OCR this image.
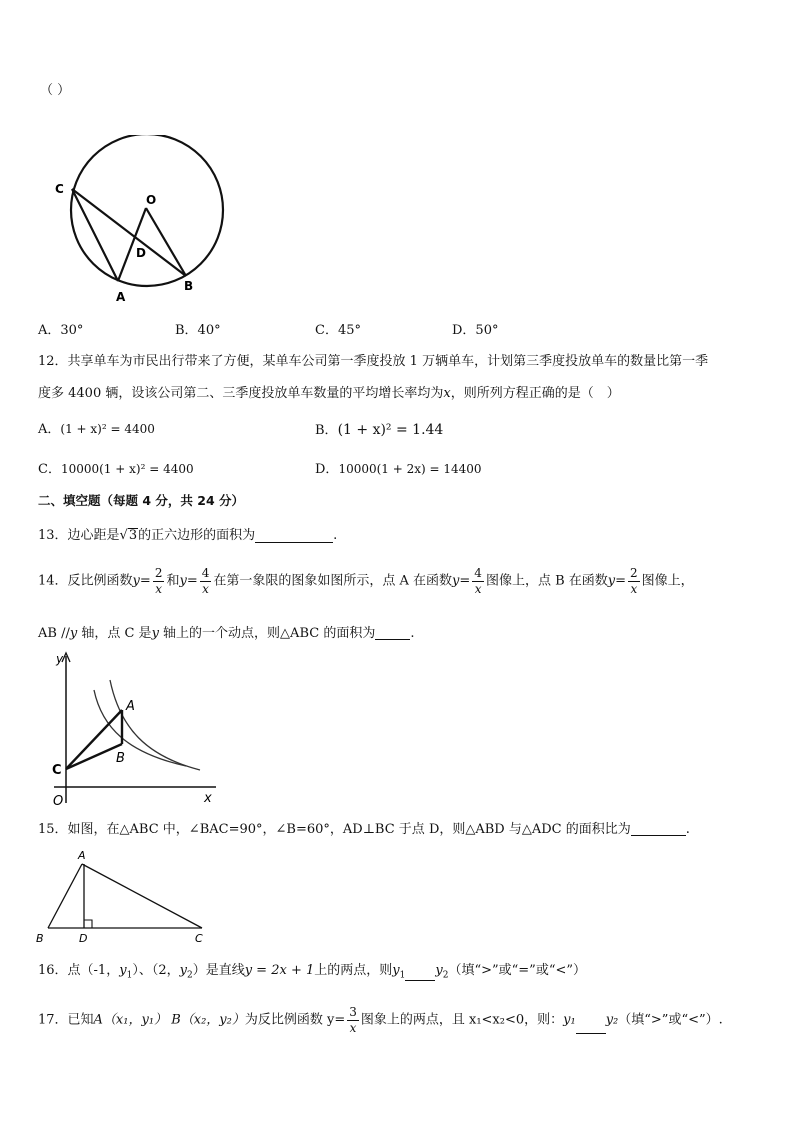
（ ）
C
O
D
A
B
A．30°	B．40°	C．45°	D．50°
12．共享单车为市民出行带来了方便，某单车公司第一季度投放 1 万辆单车，计划第三季度投放单车的数量比第一季
度多 4400 辆，设该公司第二、三季度投放单车数量的平均增长率均为x，则所列方程正确的是（　）
A．(1 + x)² = 4400	B．(1 + x)² = 1.44
C．10000(1 + x)² = 4400	D．10000(1 + 2x) = 14400
二、填空题（每题 4 分，共 24 分）
13．边心距是√3的正六边形的面积为	.
14．反比例函数$y= \frac{2}{x}$ 和$y= \frac{4}{x}$ 在第一象限的图象如图所示，点 A 在函数$y= \frac{4}{x}$ 图像上，点 B 在函数$y= \frac{2}{x}$ 图像上，
AB //y 轴，点 C 是y 轴上的一个动点，则△ABC 的面积为	.
y
x
O
A
B
C
15．如图，在△ABC 中，∠BAC=90°，∠B=60°，AD⊥BC 于点 D，则△ABD 与△ADC 的面积比为	.
A
B	D	C
16．点（-1，$y_1$）、（2，$y_2$）是直线y = 2x + 1上的两点，则$y_1$ $y_2$（填“>”或“=”或“<”）
17．已知A（x₁，y₁） B（x₂，y₂）为反比例函数 $y= \frac{3}{x}$ 图象上的两点，且 x₁<x₂<0，则：y₁ y₂（填“>”或“<”）.
